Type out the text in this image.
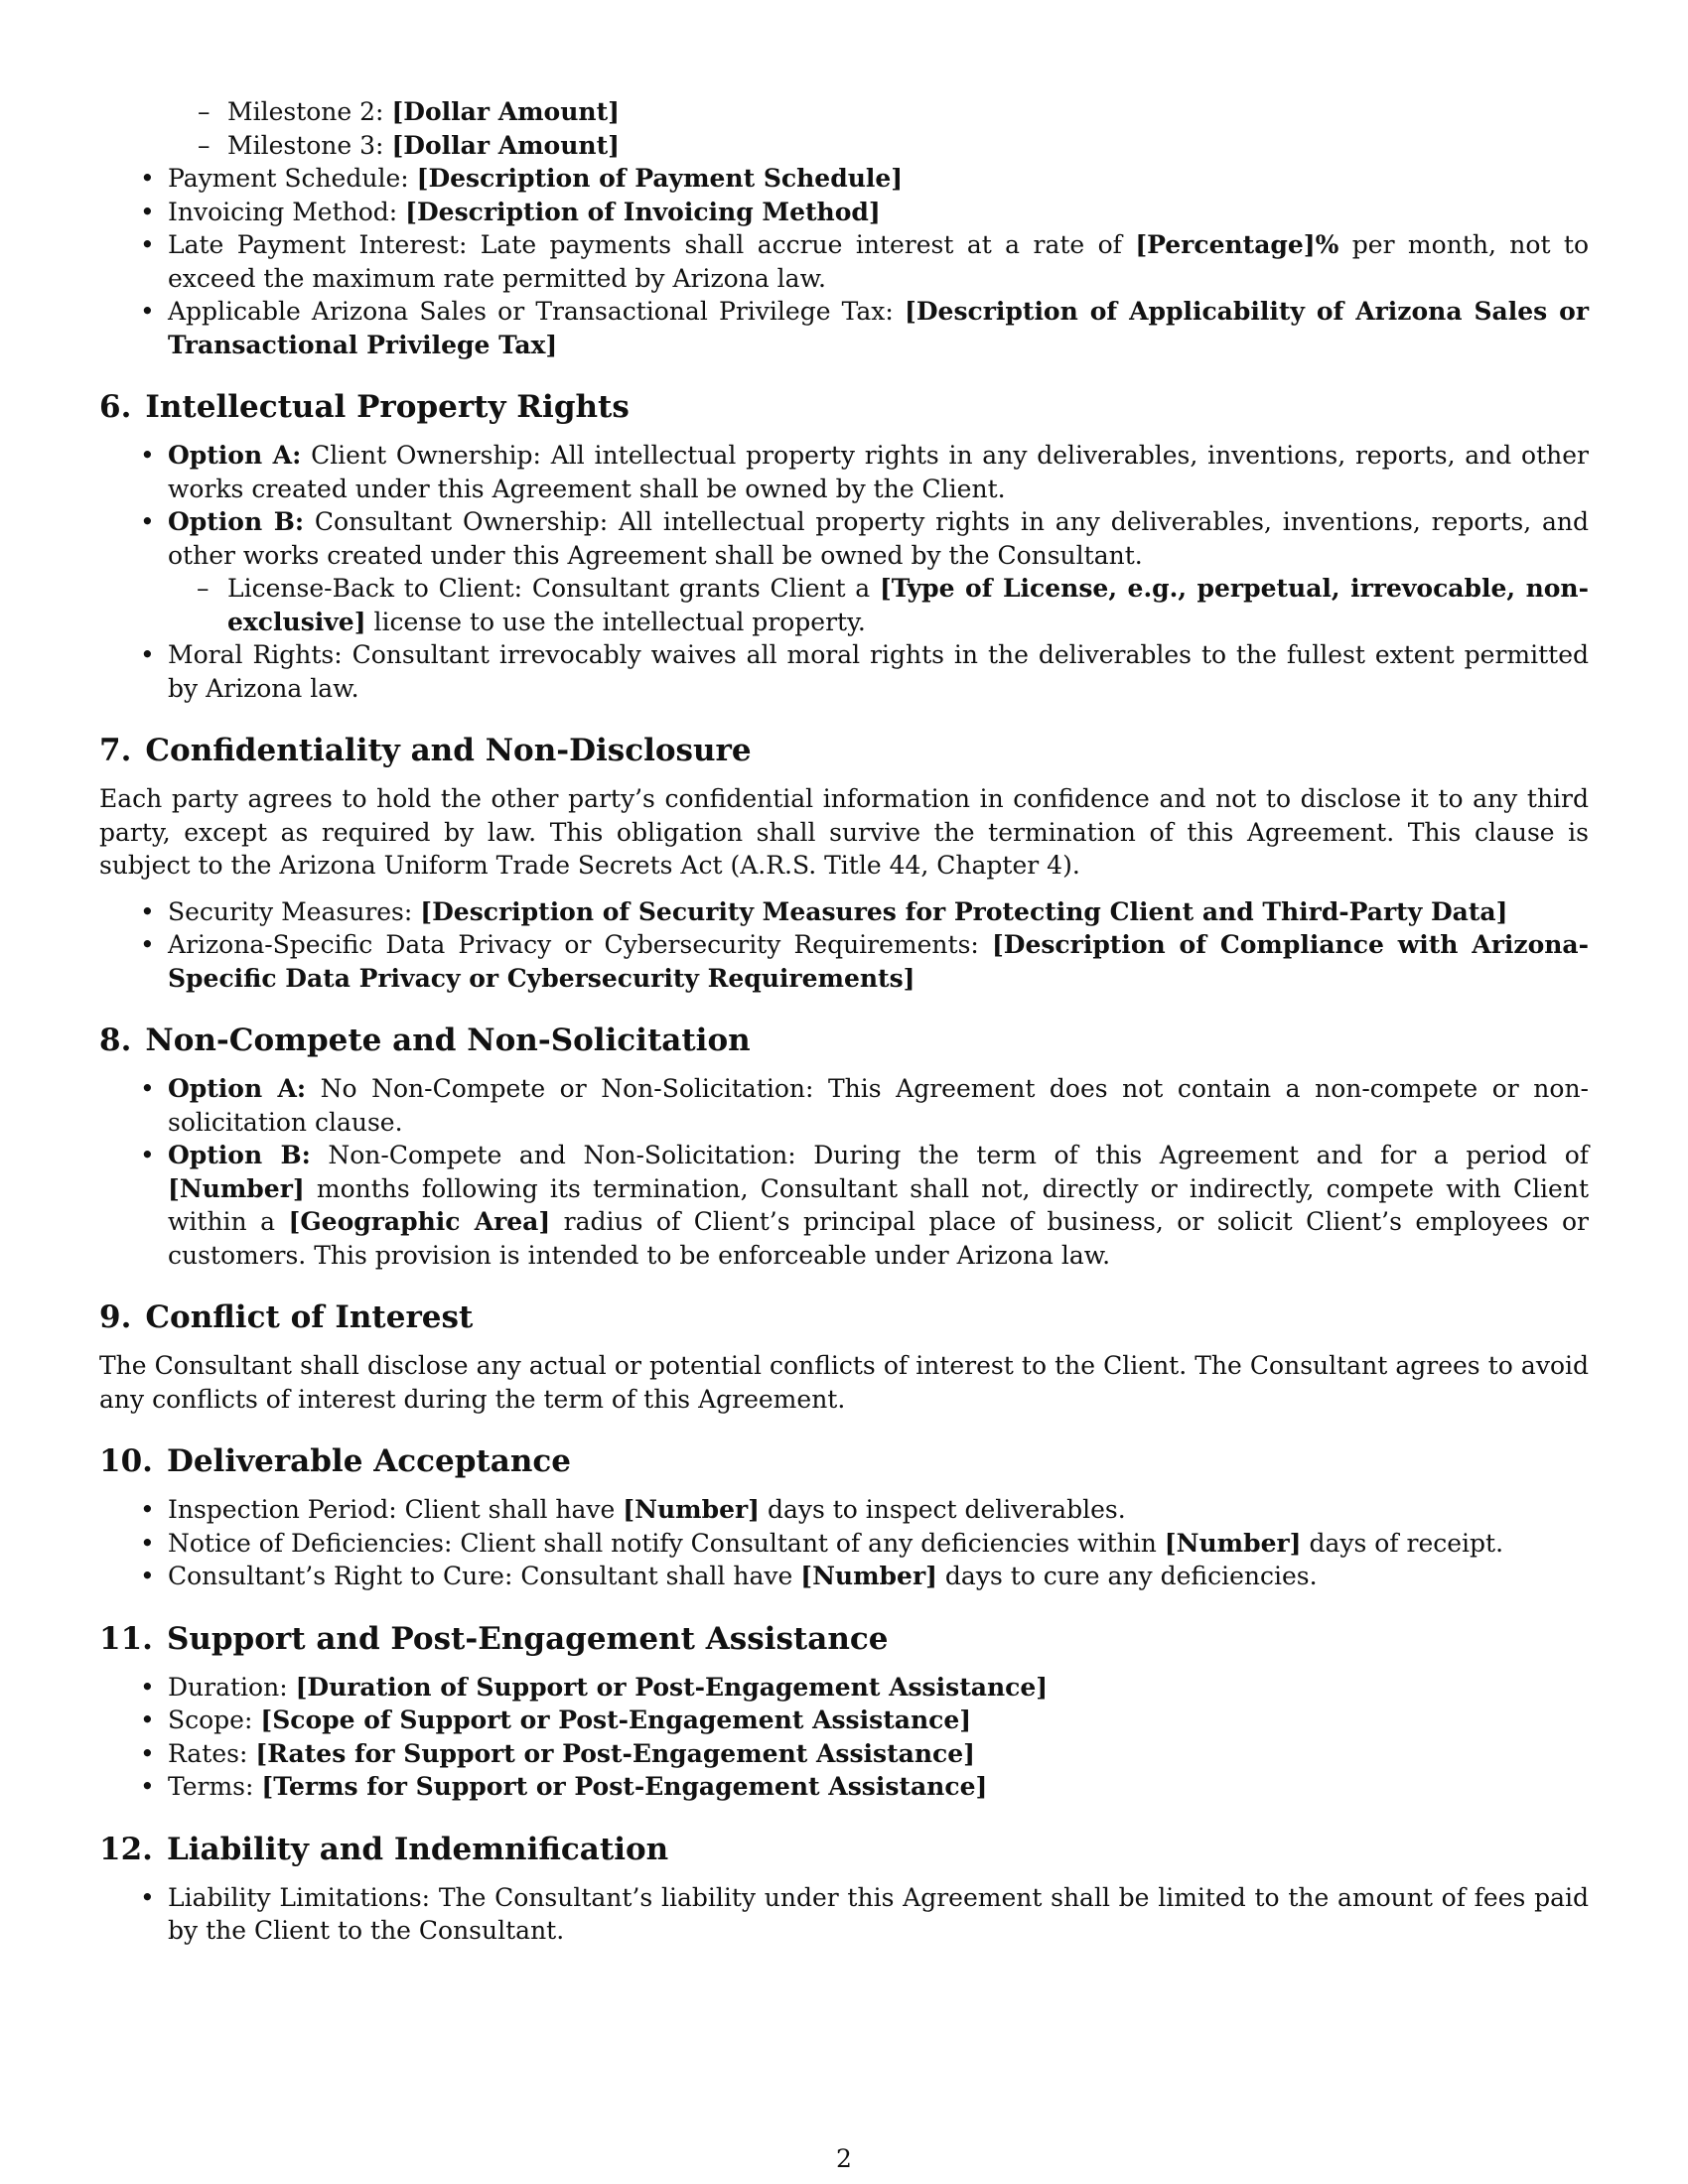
– Milestone 2: [Dollar Amount]
– Milestone 3: [Dollar Amount]
• Payment Schedule: [Description of Payment Schedule]
• Invoicing Method: [Description of Invoicing Method]
• Late Payment Interest: Late payments shall accrue interest at a rate of [Percentage]% per month, not to exceed the maximum rate permitted by Arizona law.
• Applicable Arizona Sales or Transactional Privilege Tax: [Description of Applicability of Arizona Sales or Transactional Privilege Tax]
6. Intellectual Property Rights
• Option A: Client Ownership: All intellectual property rights in any deliverables, inventions, reports, and other works created under this Agreement shall be owned by the Client.
• Option B: Consultant Ownership: All intellectual property rights in any deliverables, inventions, reports, and other works created under this Agreement shall be owned by the Consultant.
– License-Back to Client: Consultant grants Client a [Type of License, e.g., perpetual, irrevocable, non-exclusive] license to use the intellectual property.
• Moral Rights: Consultant irrevocably waives all moral rights in the deliverables to the fullest extent permitted by Arizona law.
7. Confidentiality and Non-Disclosure

Each party agrees to hold the other party’s confidential information in confidence and not to disclose it to any third party, except as required by law. This obligation shall survive the termination of this Agreement. This clause is subject to the Arizona Uniform Trade Secrets Act (A.R.S. Title 44, Chapter 4).

• Security Measures: [Description of Security Measures for Protecting Client and Third-Party Data]
• Arizona-Specific Data Privacy or Cybersecurity Requirements: [Description of Compliance with Arizona-Specific Data Privacy or Cybersecurity Requirements]
8. Non-Compete and Non-Solicitation
• Option A: No Non-Compete or Non-Solicitation: This Agreement does not contain a non-compete or non-solicitation clause.
• Option B: Non-Compete and Non-Solicitation: During the term of this Agreement and for a period of [Number] months following its termination, Consultant shall not, directly or indirectly, compete with Client within a [Geographic Area] radius of Client’s principal place of business, or solicit Client’s employees or customers. This provision is intended to be enforceable under Arizona law.
9. Conflict of Interest

The Consultant shall disclose any actual or potential conflicts of interest to the Client. The Consultant agrees to avoid any conflicts of interest during the term of this Agreement.

10. Deliverable Acceptance
• Inspection Period: Client shall have [Number] days to inspect deliverables.
• Notice of Deficiencies: Client shall notify Consultant of any deficiencies within [Number] days of receipt.
• Consultant’s Right to Cure: Consultant shall have [Number] days to cure any deficiencies.
11. Support and Post-Engagement Assistance
• Duration: [Duration of Support or Post-Engagement Assistance]
• Scope: [Scope of Support or Post-Engagement Assistance]
• Rates: [Rates for Support or Post-Engagement Assistance]
• Terms: [Terms for Support or Post-Engagement Assistance]
12. Liability and Indemnification
• Liability Limitations: The Consultant’s liability under this Agreement shall be limited to the amount of fees paid by the Client to the Consultant.
2
